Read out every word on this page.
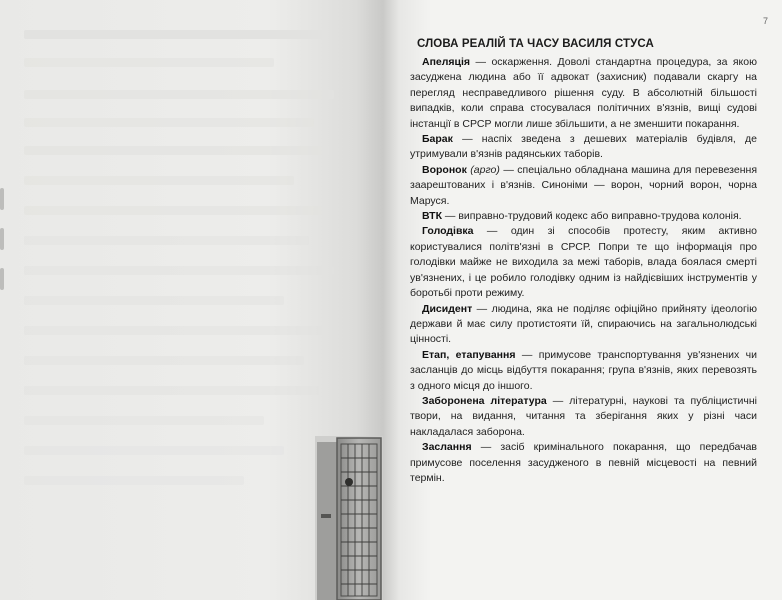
7
СЛОВА РЕАЛІЙ ТА ЧАСУ ВАСИЛЯ СТУСА

Апеляція — оскарження. Доволі стандартна процедура, за якою засуджена людина або її адвокат (захисник) подавали скаргу на перегляд несправедливого рішення суду. В абсолютній більшості випадків, коли справа стосувалася політичних в'язнів, вищі судові інстанції в СРСР могли лише збільшити, а не зменшити покарання.

Барак — наспіх зведена з дешевих матеріалів будівля, де утримували в'язнів радянських таборів.

Воронок (арго) — спеціально обладнана машина для перевезення заарештованих і в'язнів. Синоніми — ворон, чорний ворон, чорна Маруся.

ВТК — виправно-трудовий кодекс або виправно-трудова колонія.

Голодівка — один зі способів протесту, яким активно користувалися політв'язні в СРСР. Попри те що інформація про голодівки майже не виходила за межі таборів, влада боялася смерті ув'язнених, і це робило голодівку одним із найдієвіших інструментів у боротьбі проти режиму.

Дисидент — людина, яка не поділяє офіційно прийняту ідеологію держави й має силу протистояти їй, спираючись на загальнолюдські цінності.

Етап, етапування — примусове транспортування ув'язнених чи засланців до місць відбуття покарання; група в'язнів, яких перевозять з одного місця до іншого.

Заборонена література — літературні, наукові та публіцистичні твори, на видання, читання та зберігання яких у різні часи накладалася заборона.

Заслання — засіб кримінального покарання, що передбачав примусове поселення засудженого в певній місцевості на певний термін.
